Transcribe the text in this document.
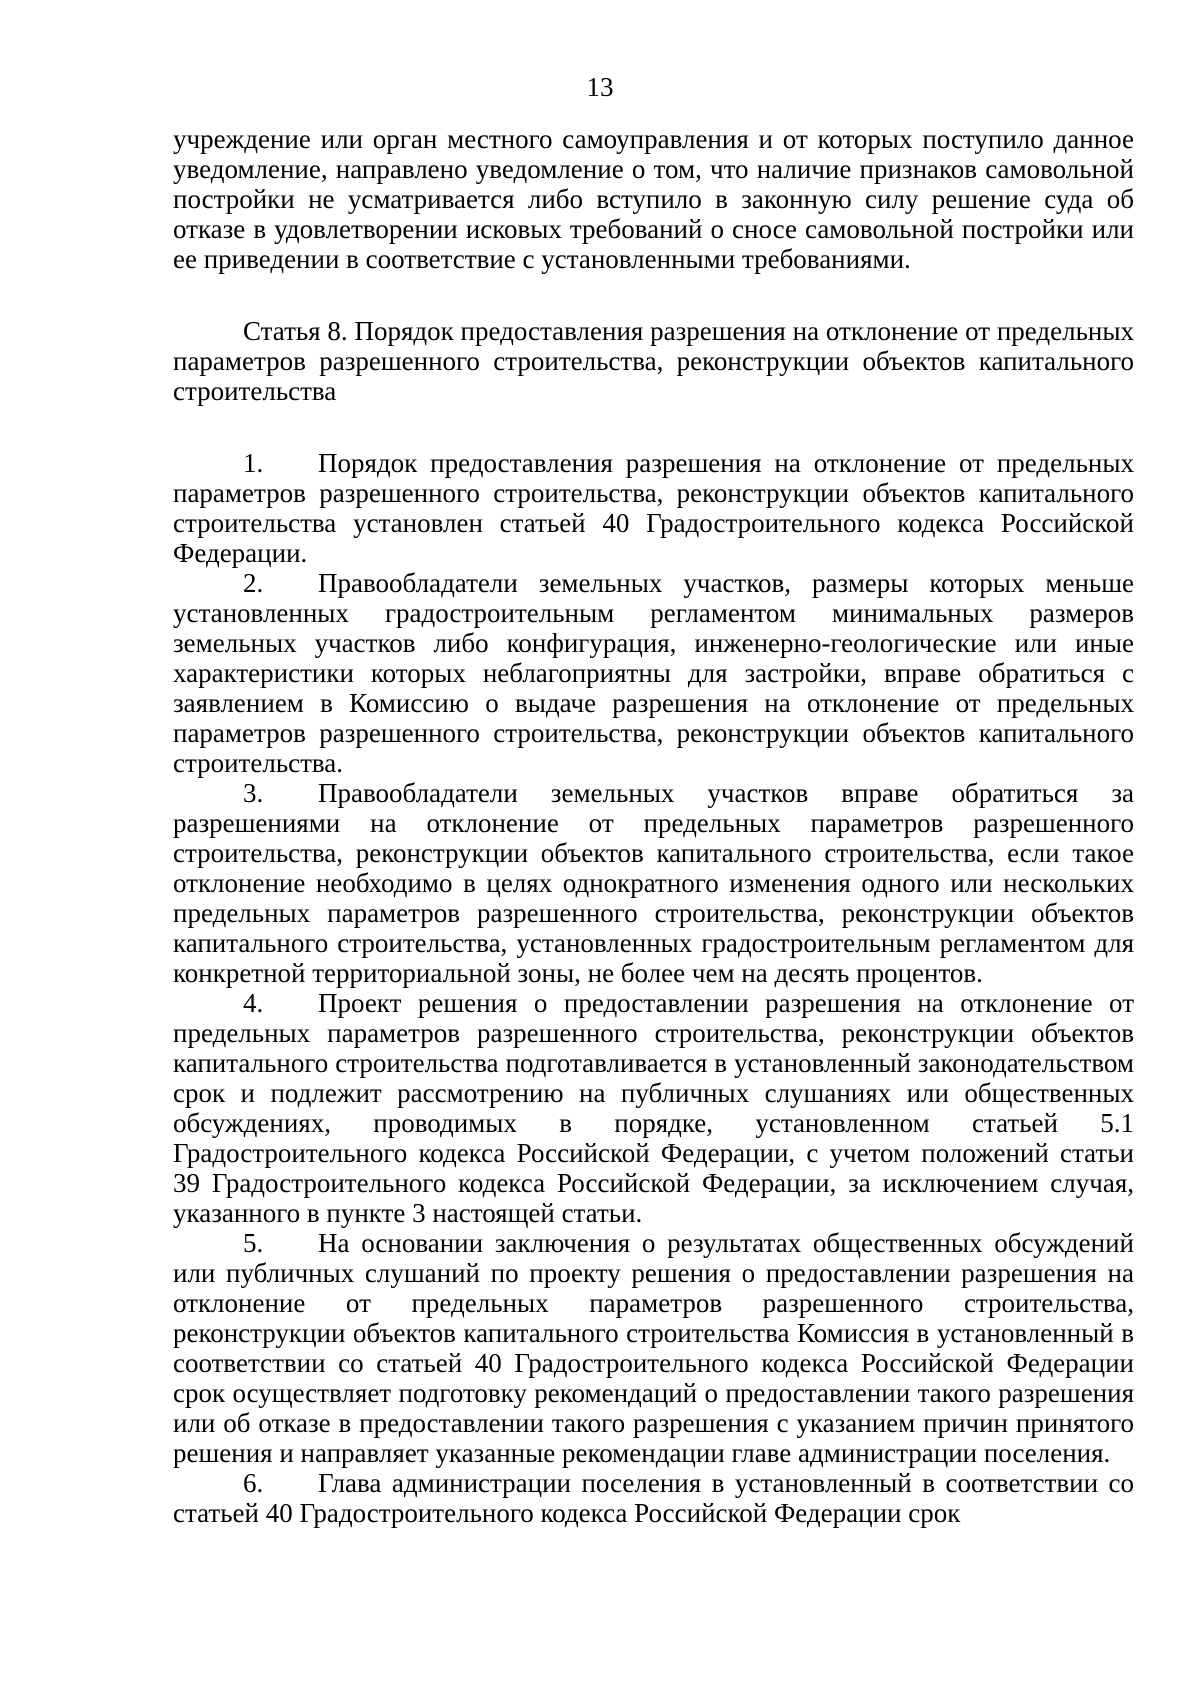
13

учреждение или орган местного самоуправления и от которых поступило данное уведомление, направлено уведомление о том, что наличие признаков самовольной постройки не усматривается либо вступило в законную силу решение суда об отказе в удовлетворении исковых требований о сносе самовольной постройки или ее приведении в соответствие с установленными требованиями.

Статья 8. Порядок предоставления разрешения на отклонение от предельных параметров разрешенного строительства, реконструкции объектов капитального строительства

1. Порядок предоставления разрешения на отклонение от предельных параметров разрешенного строительства, реконструкции объектов капитального строительства установлен статьей 40 Градостроительного кодекса Российской Федерации.

2. Правообладатели земельных участков, размеры которых меньше установленных градостроительным регламентом минимальных размеров земельных участков либо конфигурация, инженерно-геологические или иные характеристики которых неблагоприятны для застройки, вправе обратиться с заявлением в Комиссию о выдаче разрешения на отклонение от предельных параметров разрешенного строительства, реконструкции объектов капитального строительства.

3. Правообладатели земельных участков вправе обратиться за разрешениями на отклонение от предельных параметров разрешенного строительства, реконструкции объектов капитального строительства, если такое отклонение необходимо в целях однократного изменения одного или нескольких предельных параметров разрешенного строительства, реконструкции объектов капитального строительства, установленных градостроительным регламентом для конкретной территориальной зоны, не более чем на десять процентов.

4. Проект решения о предоставлении разрешения на отклонение от предельных параметров разрешенного строительства, реконструкции объектов капитального строительства подготавливается в установленный законодательством срок и подлежит рассмотрению на публичных слушаниях или общественных обсуждениях, проводимых в порядке, установленном статьей 5.1 Градостроительного кодекса Российской Федерации, с учетом положений статьи 39 Градостроительного кодекса Российской Федерации, за исключением случая, указанного в пункте 3 настоящей статьи.

5. На основании заключения о результатах общественных обсуждений или публичных слушаний по проекту решения о предоставлении разрешения на отклонение от предельных параметров разрешенного строительства, реконструкции объектов капитального строительства Комиссия в установленный в соответствии со статьей 40 Градостроительного кодекса Российской Федерации срок осуществляет подготовку рекомендаций о предоставлении такого разрешения или об отказе в предоставлении такого разрешения с указанием причин принятого решения и направляет указанные рекомендации главе администрации поселения.

6. Глава администрации поселения в установленный в соответствии со статьей 40 Градостроительного кодекса Российской Федерации срок
